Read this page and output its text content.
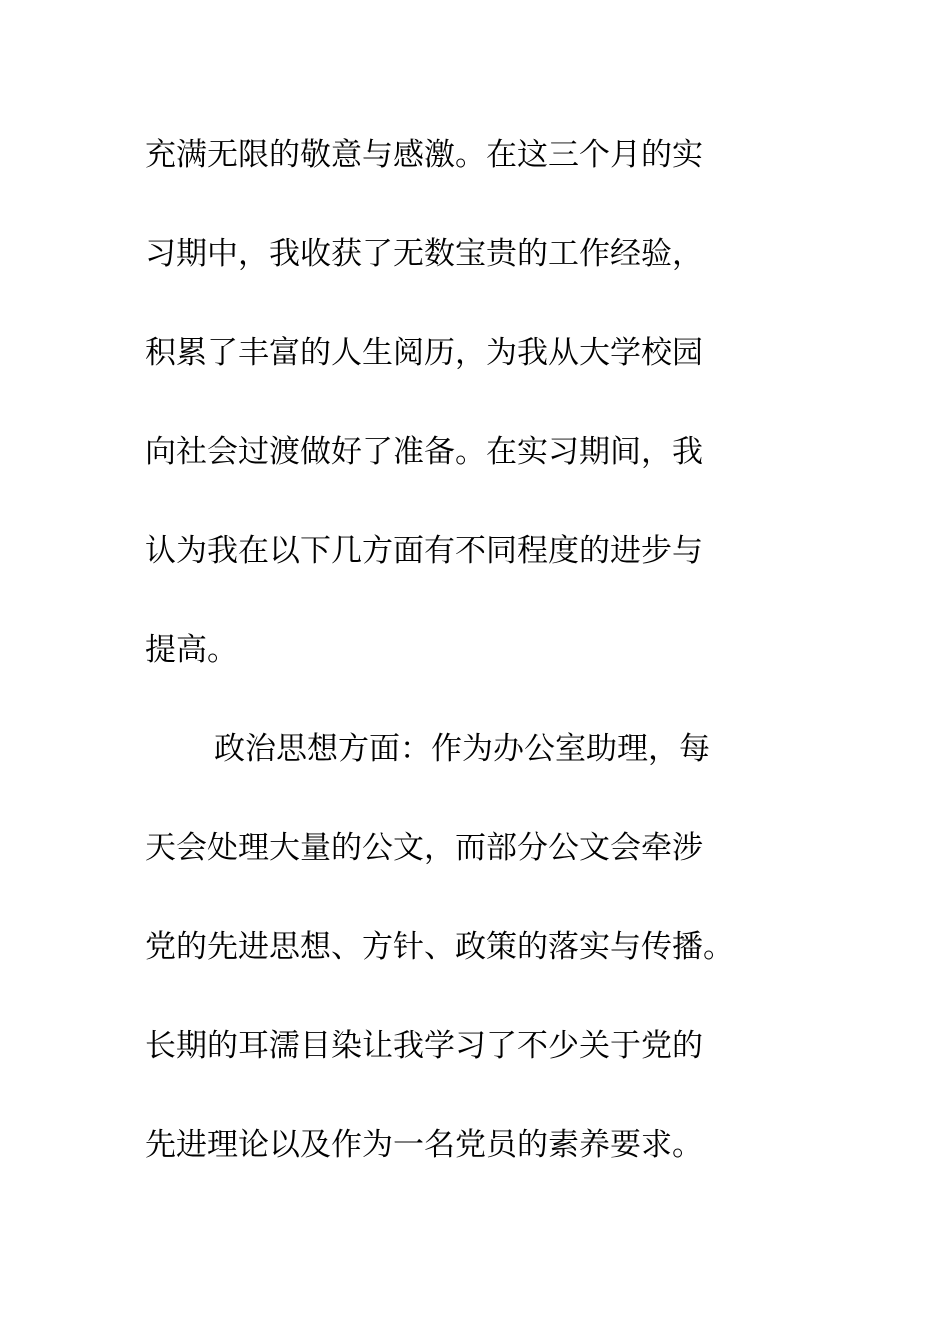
充满无限的敬意与感激。在这三个月的实
习期中，我收获了无数宝贵的工作经验，
积累了丰富的人生阅历，为我从大学校园
向社会过渡做好了准备。在实习期间，我
认为我在以下几方面有不同程度的进步与
提高。
政治思想方面：作为办公室助理，每
天会处理大量的公文，而部分公文会牵涉
党的先进思想、方针、政策的落实与传播。
长期的耳濡目染让我学习了不少关于党的
先进理论以及作为一名党员的素养要求。
